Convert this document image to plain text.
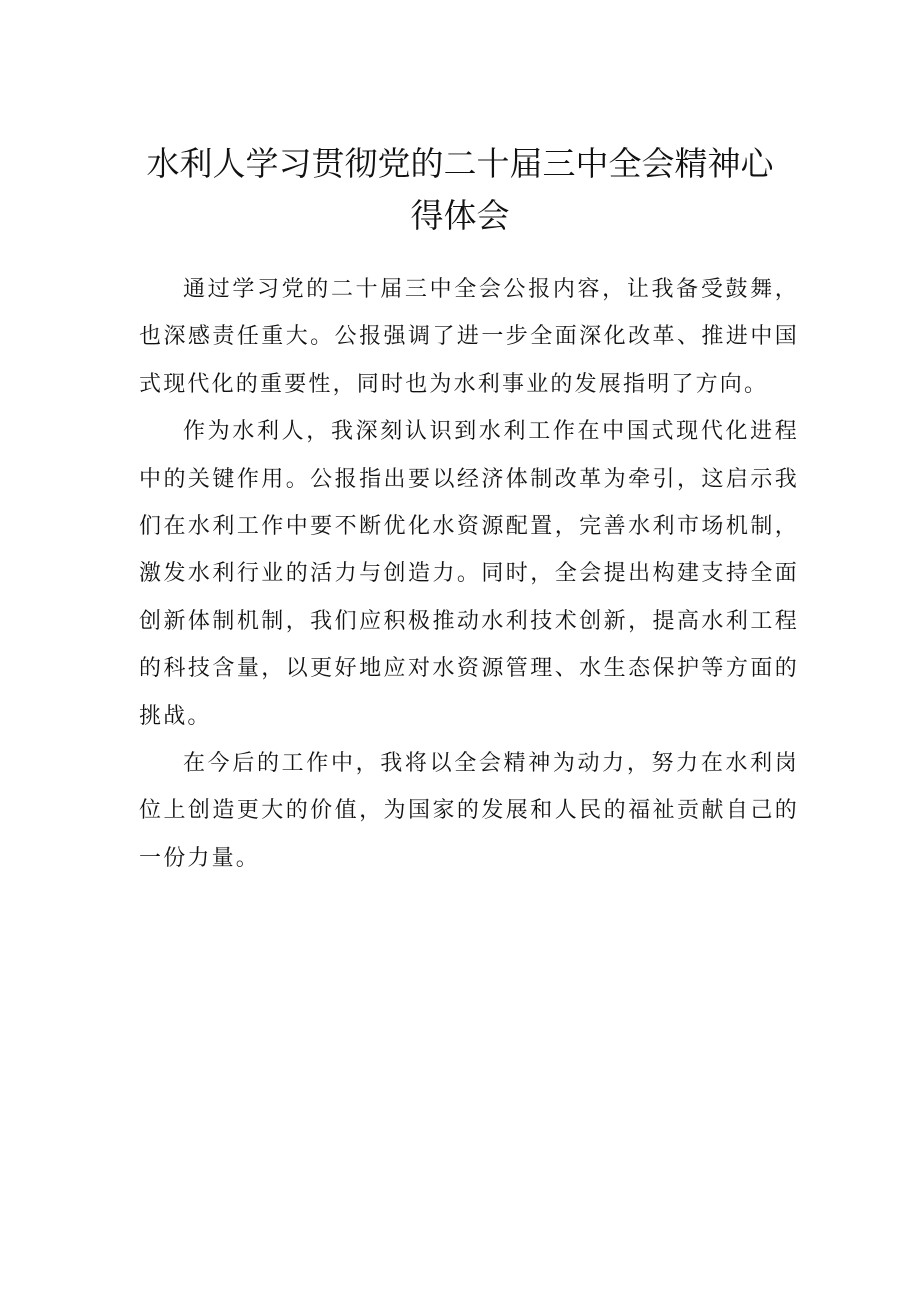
水利人学习贯彻党的二十届三中全会精神心
得体会

通过学习党的二十届三中全会公报内容，让我备受鼓舞，也深感责任重大。公报强调了进一步全面深化改革、推进中国式现代化的重要性，同时也为水利事业的发展指明了方向。

作为水利人，我深刻认识到水利工作在中国式现代化进程中的关键作用。公报指出要以经济体制改革为牵引，这启示我们在水利工作中要不断优化水资源配置，完善水利市场机制，激发水利行业的活力与创造力。同时，全会提出构建支持全面创新体制机制，我们应积极推动水利技术创新，提高水利工程的科技含量，以更好地应对水资源管理、水生态保护等方面的挑战。

在今后的工作中，我将以全会精神为动力，努力在水利岗位上创造更大的价值，为国家的发展和人民的福祉贡献自己的一份力量。
